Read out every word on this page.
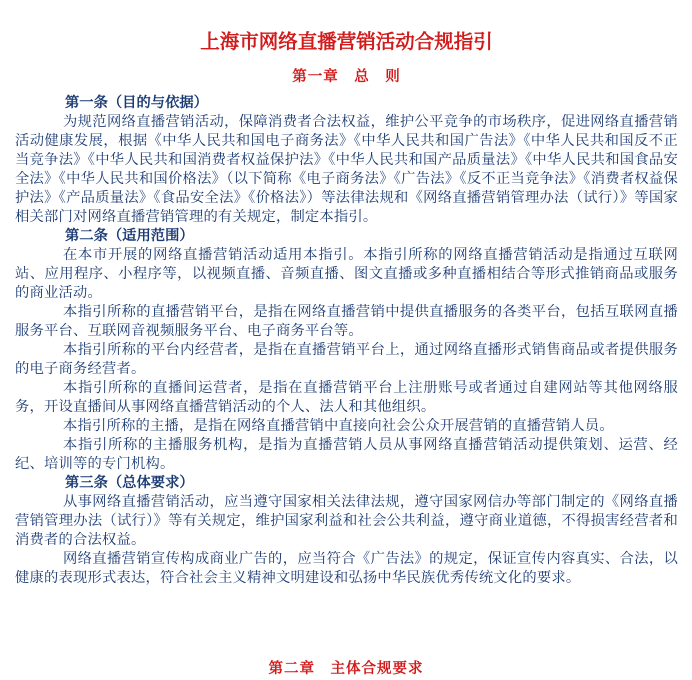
上海市网络直播营销活动合规指引
第一章　总　则

第一条（目的与依据）

为规范网络直播营销活动，保障消费者合法权益，维护公平竞争的市场秩序，促进网络直播营销活动健康发展，根据《中华人民共和国电子商务法》《中华人民共和国广告法》《中华人民共和国反不正当竞争法》《中华人民共和国消费者权益保护法》《中华人民共和国产品质量法》《中华人民共和国食品安全法》《中华人民共和国价格法》（以下简称《电子商务法》《广告法》《反不正当竞争法》《消费者权益保护法》《产品质量法》《食品安全法》《价格法》）等法律法规和《网络直播营销管理办法（试行）》等国家相关部门对网络直播营销管理的有关规定，制定本指引。

第二条（适用范围）

在本市开展的网络直播营销活动适用本指引。本指引所称的网络直播营销活动是指通过互联网站、应用程序、小程序等，以视频直播、音频直播、图文直播或多种直播相结合等形式推销商品或服务的商业活动。

本指引所称的直播营销平台，是指在网络直播营销中提供直播服务的各类平台，包括互联网直播服务平台、互联网音视频服务平台、电子商务平台等。

本指引所称的平台内经营者，是指在直播营销平台上，通过网络直播形式销售商品或者提供服务的电子商务经营者。

本指引所称的直播间运营者，是指在直播营销平台上注册账号或者通过自建网站等其他网络服务，开设直播间从事网络直播营销活动的个人、法人和其他组织。

本指引所称的主播，是指在网络直播营销中直接向社会公众开展营销的直播营销人员。

本指引所称的主播服务机构，是指为直播营销人员从事网络直播营销活动提供策划、运营、经纪、培训等的专门机构。

第三条（总体要求）

从事网络直播营销活动，应当遵守国家相关法律法规，遵守国家网信办等部门制定的《网络直播营销管理办法（试行）》等有关规定，维护国家利益和社会公共利益，遵守商业道德，不得损害经营者和消费者的合法权益。

网络直播营销宣传构成商业广告的，应当符合《广告法》的规定，保证宣传内容真实、合法，以健康的表现形式表达，符合社会主义精神文明建设和弘扬中华民族优秀传统文化的要求。

第二章　主体合规要求
